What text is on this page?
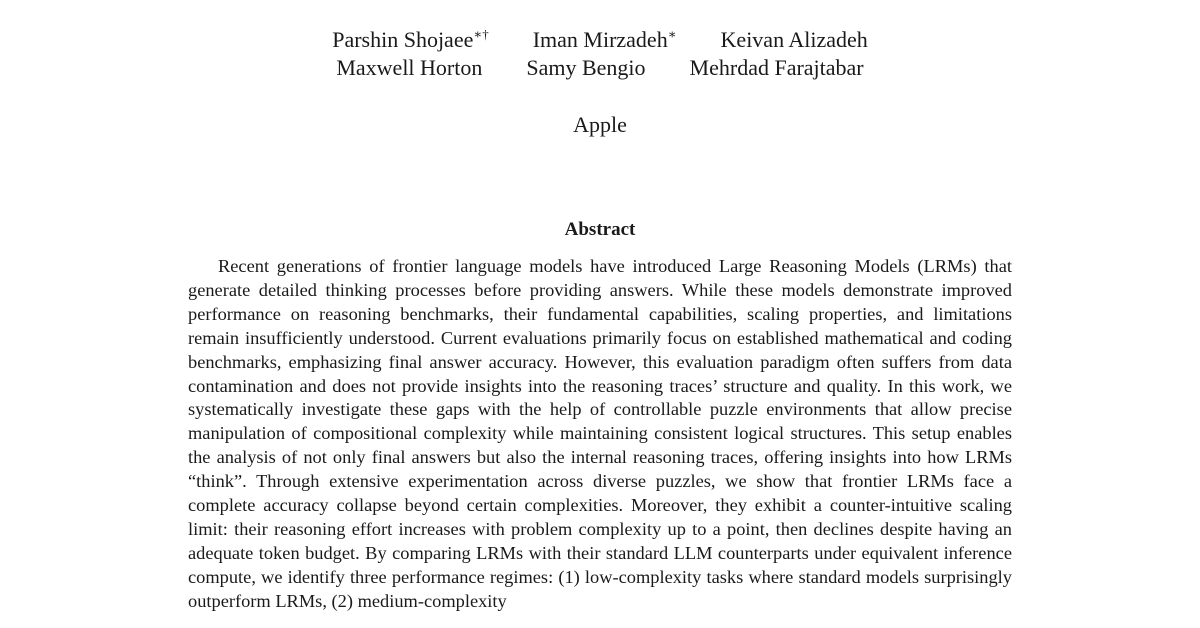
Parshin Shojaee∗† Iman Mirzadeh∗ Keivan Alizadeh
Maxwell Horton Samy Bengio Mehrdad Farajtabar
Apple
Abstract

Recent generations of frontier language models have introduced Large Reasoning Models (LRMs) that generate detailed thinking processes before providing answers. While these models demonstrate improved performance on reasoning benchmarks, their fundamental capabilities, scaling properties, and limitations remain insufficiently understood. Current evaluations primarily focus on established mathematical and coding benchmarks, emphasizing final answer accuracy. However, this evaluation paradigm often suffers from data contamination and does not provide insights into the reasoning traces’ structure and quality. In this work, we systematically investigate these gaps with the help of controllable puzzle environments that allow precise manipulation of compositional complexity while maintaining consistent logical structures. This setup enables the analysis of not only final answers but also the internal reasoning traces, offering insights into how LRMs “think”. Through extensive experimentation across diverse puzzles, we show that frontier LRMs face a complete accuracy collapse beyond certain complexities. Moreover, they exhibit a counter-intuitive scaling limit: their reasoning effort increases with problem complexity up to a point, then declines despite having an adequate token budget. By comparing LRMs with their standard LLM counterparts under equivalent inference compute, we identify three performance regimes: (1) low-complexity tasks where standard models surprisingly outperform LRMs, (2) medium-complexity
